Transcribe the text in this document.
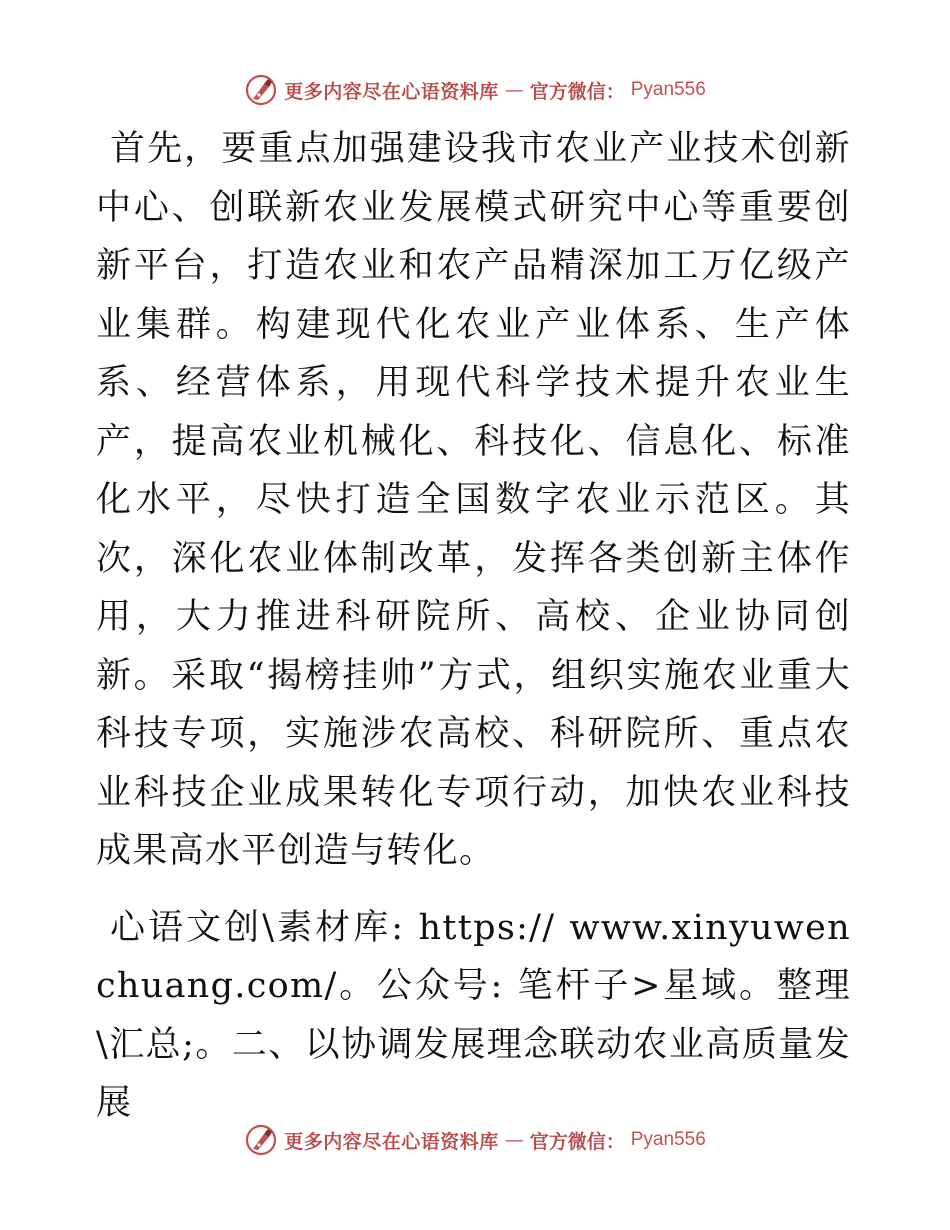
更多内容尽在心语资料库 — 官方微信： Pyan556

首先，要重点加强建设我市农业产业技术创新中心、创联新农业发展模式研究中心等重要创新平台，打造农业和农产品精深加工万亿级产业集群。构建现代化农业产业体系、生产体系、经营体系，用现代科学技术提升农业生产，提高农业机械化、科技化、信息化、标准化水平，尽快打造全国数字农业示范区。其次，深化农业体制改革，发挥各类创新主体作用，大力推进科研院所、高校、企业协同创新。采取“揭榜挂帅”方式，组织实施农业重大科技专项，实施涉农高校、科研院所、重点农业科技企业成果转化专项行动，加快农业科技成果高水平创造与转化。

心语文创\素材库: https:// www.xinyuwenchuang.com/。公众号: 笔杆子>星域。整理\汇总;。二、以协调发展理念联动农业高质量发展

更多内容尽在心语资料库 — 官方微信： Pyan556
